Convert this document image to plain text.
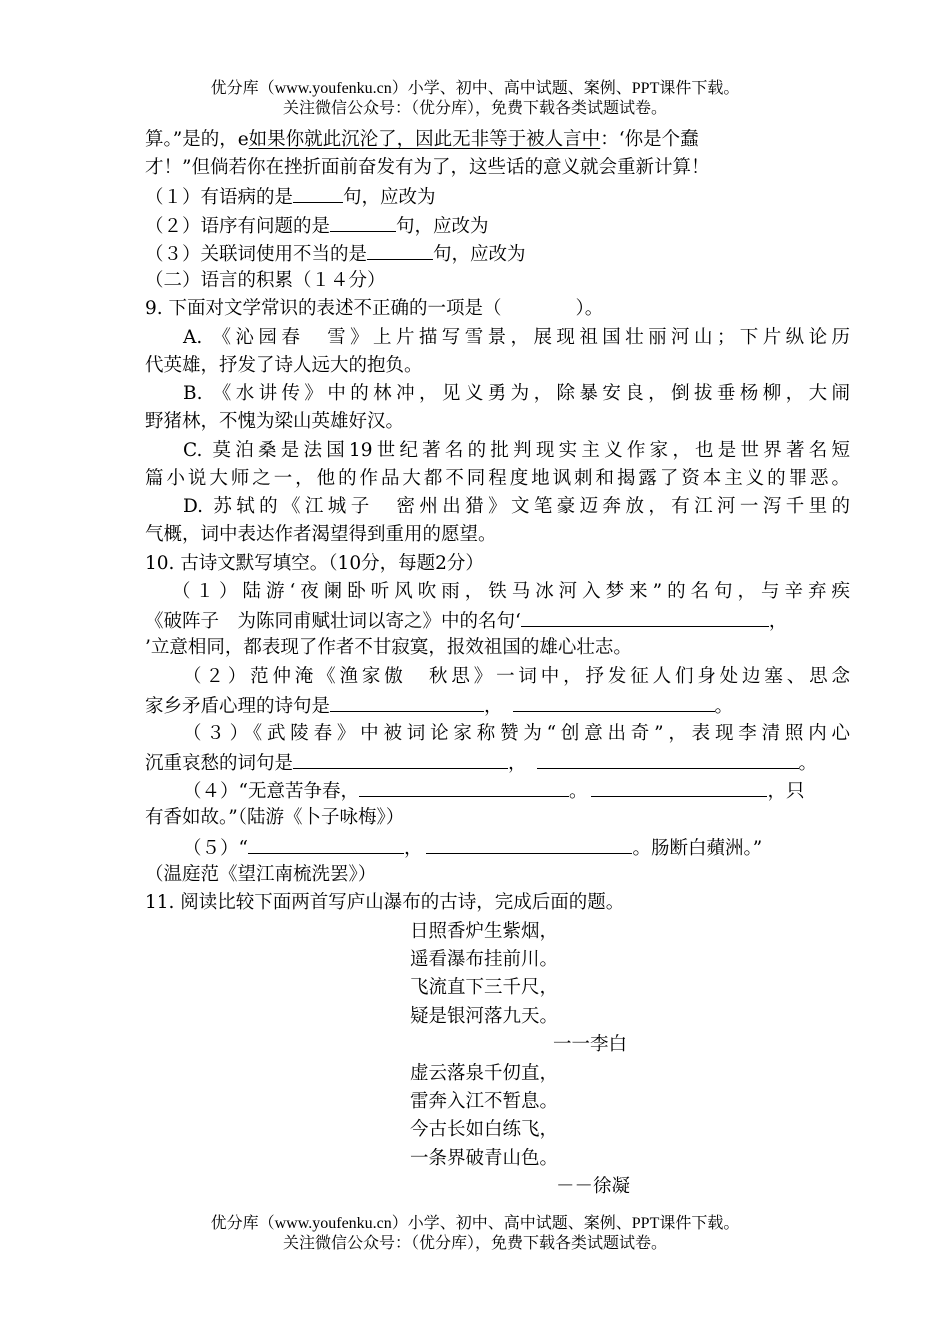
优分库（www.youfenku.cn）小学、初中、高中试题、案例、PPT课件下载。
关注微信公众号：（优分库），免费下载各类试题试卷。
算。”是的，e如果你就此沉沦了，因此无非等于被人言中：‘你是个蠢
才！”但倘若你在挫折面前奋发有为了，这些话的意义就会重新计算！
（１）有语病的是	句，应改为
（２）语序有问题的是	句，应改为
（３）关联词使用不当的是	句，应改为
（二）语言的积累（１４分）
9. 下面对文学常识的表述不正确的一项是（　　　　）。
A. 《沁园春　雪》上片描写雪景，展现祖国壮丽河山；下片纵论历
代英雄，抒发了诗人远大的抱负。
B. 《水讲传》中的林冲，见义勇为，除暴安良，倒拔垂杨柳，大闹
野猪林，不愧为梁山英雄好汉。
C. 莫泊桑是法国19世纪著名的批判现实主义作家，也是世界著名短
篇小说大师之一，他的作品大都不同程度地讽刺和揭露了资本主义的罪恶。
D. 苏轼的《江城子　密州出猎》文笔豪迈奔放，有江河一泻千里的
气概，词中表达作者渴望得到重用的愿望。
10. 古诗文默写填空。（10分，每题2分）
（１）陆游‘夜阑卧听风吹雨，铁马冰河入梦来”的名句，与辛弃疾
《破阵子　为陈同甫赋壮词以寄之》中的名句‘	，
’立意相同，都表现了作者不甘寂寞，报效祖国的雄心壮志。
（２）范仲淹《渔家傲　秋思》一词中，抒发征人们身处边塞、思念
家乡矛盾心理的诗句是	，	。
（３）《武陵春》中被词论家称赞为“创意出奇”，表现李清照内心
沉重哀愁的词句是	，	。
（４）“无意苦争春，	。	，只
有香如故。”（陆游《卜子咏梅》）
（５）“	，	。肠断白蘋洲。”
（温庭范《望江南梳洗罢》）
11. 阅读比较下面两首写庐山瀑布的古诗，完成后面的题。
日照香炉生紫烟，
遥看瀑布挂前川。
飞流直下三千尺，
疑是银河落九天。
一一李白
虚云落泉千仞直，
雷奔入江不暂息。
今古长如白练飞，
一条界破青山色。
－－徐凝
优分库（www.youfenku.cn）小学、初中、高中试题、案例、PPT课件下载。
关注微信公众号：（优分库），免费下载各类试题试卷。
